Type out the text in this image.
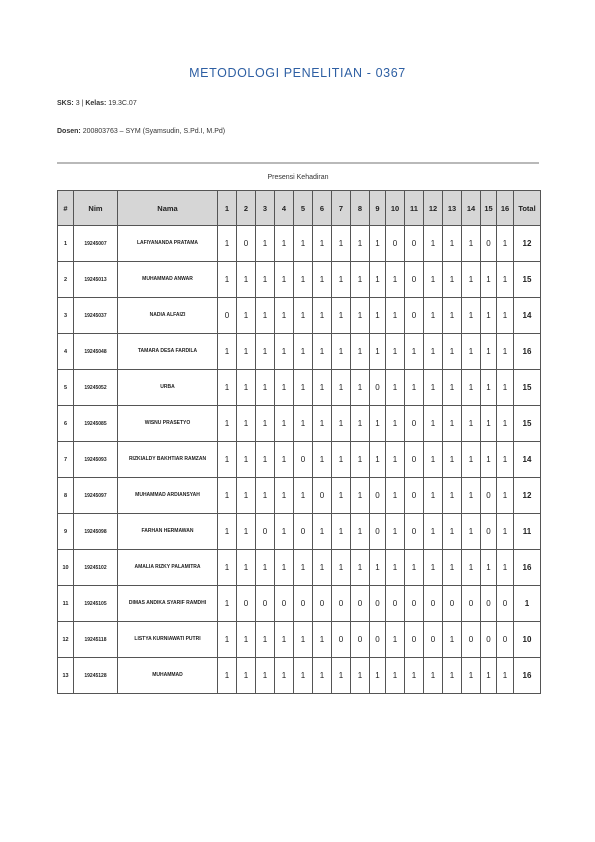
METODOLOGI PENELITIAN - 0367
SKS: 3 | Kelas: 19.3C.07
Dosen: 200803763 – SYM (Syamsudin, S.Pd.I, M.Pd)
Presensi Kehadiran
#	Nim	Nama	1	2	3	4	5	6	7	8	9	10	11	12	13	14	15	16	Total
1	19245007	LAFIYANANDA PRATAMA	1	0	1	1	1	1	1	1	1	0	0	1	1	1	0	1	12
2	19245013	MUHAMMAD ANWAR	1	1	1	1	1	1	1	1	1	1	0	1	1	1	1	1	15
3	19245037	NADIA ALFAIZI	0	1	1	1	1	1	1	1	1	1	0	1	1	1	1	1	14
4	19245048	TAMARA DESA FARDILA	1	1	1	1	1	1	1	1	1	1	1	1	1	1	1	1	16
5	19245052	URBA	1	1	1	1	1	1	1	1	0	1	1	1	1	1	1	1	15
6	19245085	WISNU PRASETYO	1	1	1	1	1	1	1	1	1	1	0	1	1	1	1	1	15
7	19245093	RIZKIALDY BAKHTIAR RAMZAN	1	1	1	1	0	1	1	1	1	1	0	1	1	1	1	1	14
8	19245097	MUHAMMAD ARDIANSYAH	1	1	1	1	1	0	1	1	0	1	0	1	1	1	0	1	12
9	19245098	FARHAN HERMAWAN	1	1	0	1	0	1	1	1	0	1	0	1	1	1	0	1	11
10	19245102	AMALIA RIZKY PALAMITRA	1	1	1	1	1	1	1	1	1	1	1	1	1	1	1	1	16
11	19245105	DIMAS ANDIKA SYARIF RAMDHI	1	0	0	0	0	0	0	0	0	0	0	0	0	0	0	0	1
12	19245118	LISTYA KURNIAWATI PUTRI	1	1	1	1	1	1	0	0	0	1	0	0	1	0	0	0	10
13	19245128	MUHAMMAD	1	1	1	1	1	1	1	1	1	1	1	1	1	1	1	1	16
